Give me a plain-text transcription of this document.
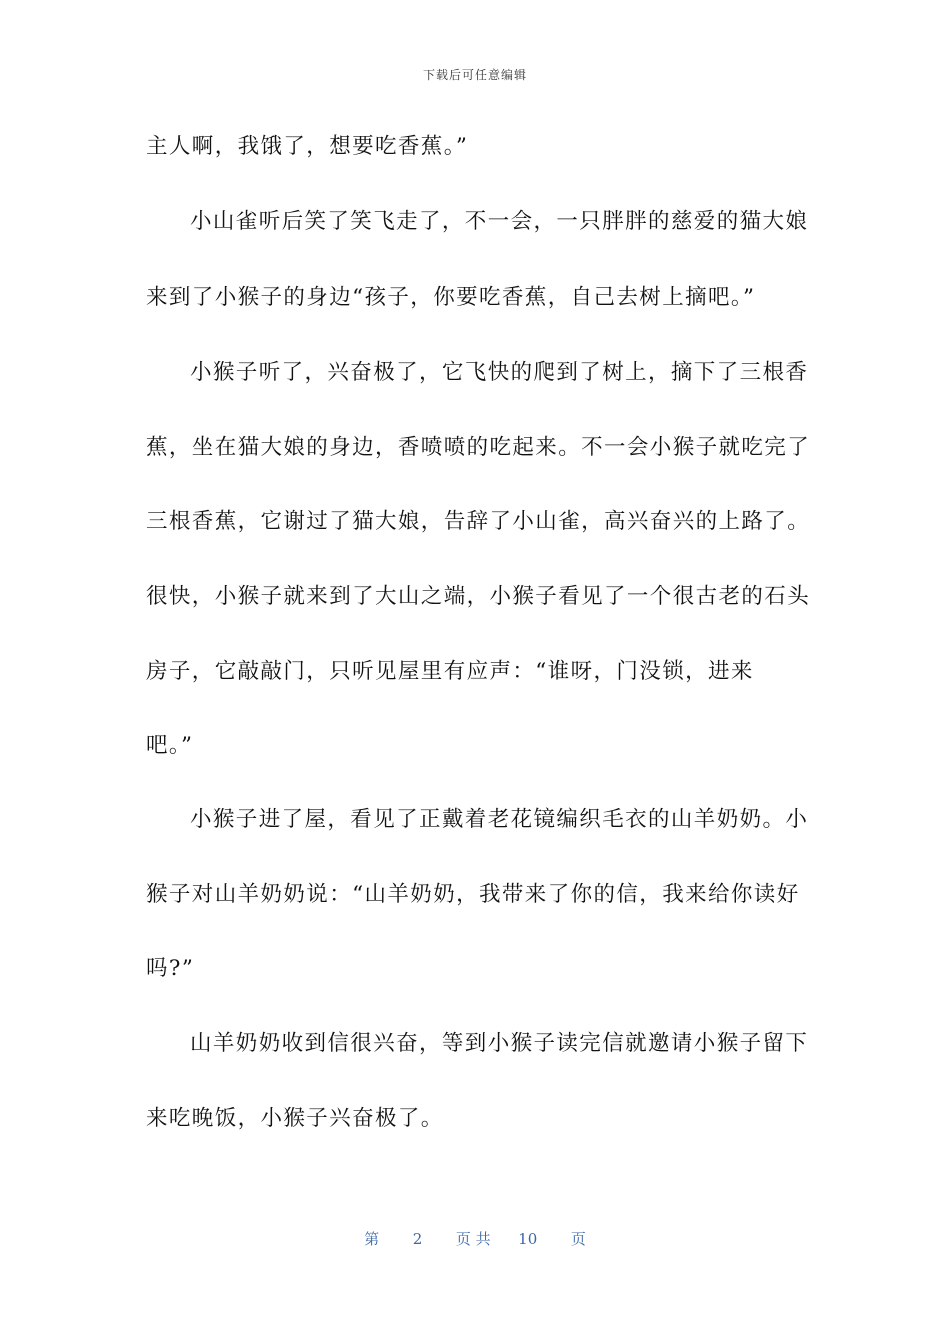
下载后可任意编辑
主人啊，我饿了，想要吃香蕉。”
小山雀听后笑了笑飞走了，不一会，一只胖胖的慈爱的猫大娘
来到了小猴子的身边“孩子，你要吃香蕉，自己去树上摘吧。”
小猴子听了，兴奋极了，它飞快的爬到了树上，摘下了三根香
蕉，坐在猫大娘的身边，香喷喷的吃起来。不一会小猴子就吃完了
三根香蕉，它谢过了猫大娘，告辞了小山雀，高兴奋兴的上路了。
很快，小猴子就来到了大山之端，小猴子看见了一个很古老的石头
房子，它敲敲门，只听见屋里有应声：“谁呀，门没锁，进来
吧。”
小猴子进了屋，看见了正戴着老花镜编织毛衣的山羊奶奶。小
猴子对山羊奶奶说：“山羊奶奶，我带来了你的信，我来给你读好
吗?”
山羊奶奶收到信很兴奋，等到小猴子读完信就邀请小猴子留下
来吃晚饭，小猴子兴奋极了。
第 2 页 共 10 页
